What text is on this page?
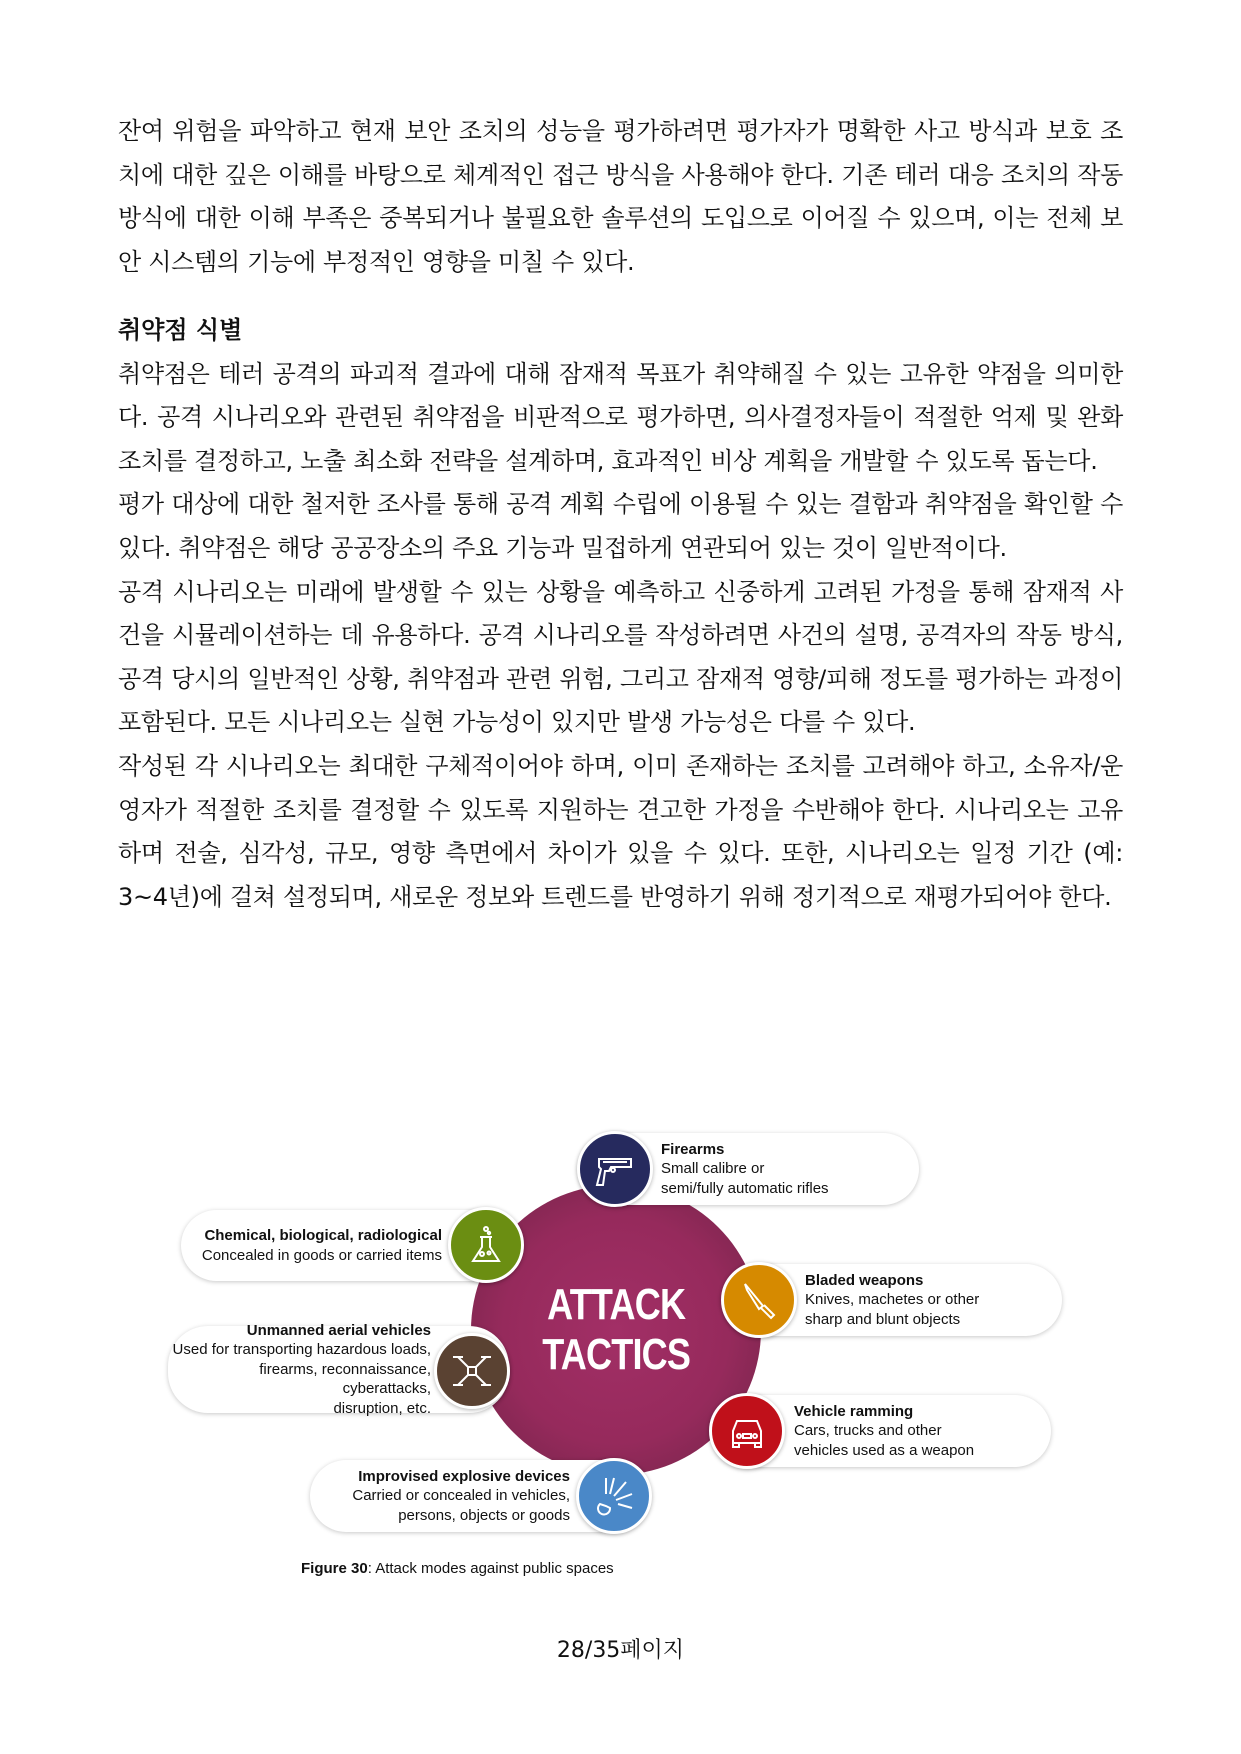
잔여 위험을 파악하고 현재 보안 조치의 성능을 평가하려면 평가자가 명확한 사고 방식과 보호 조치에 대한 깊은 이해를 바탕으로 체계적인 접근 방식을 사용해야 한다. 기존 테러 대응 조치의 작동 방식에 대한 이해 부족은 중복되거나 불필요한 솔루션의 도입으로 이어질 수 있으며, 이는 전체 보안 시스템의 기능에 부정적인 영향을 미칠 수 있다.

취약점 식별

취약점은 테러 공격의 파괴적 결과에 대해 잠재적 목표가 취약해질 수 있는 고유한 약점을 의미한다. 공격 시나리오와 관련된 취약점을 비판적으로 평가하면, 의사결정자들이 적절한 억제 및 완화 조치를 결정하고, 노출 최소화 전략을 설계하며, 효과적인 비상 계획을 개발할 수 있도록 돕는다.

평가 대상에 대한 철저한 조사를 통해 공격 계획 수립에 이용될 수 있는 결함과 취약점을 확인할 수 있다. 취약점은 해당 공공장소의 주요 기능과 밀접하게 연관되어 있는 것이 일반적이다.

공격 시나리오는 미래에 발생할 수 있는 상황을 예측하고 신중하게 고려된 가정을 통해 잠재적 사건을 시뮬레이션하는 데 유용하다. 공격 시나리오를 작성하려면 사건의 설명, 공격자의 작동 방식, 공격 당시의 일반적인 상황, 취약점과 관련 위험, 그리고 잠재적 영향/피해 정도를 평가하는 과정이 포함된다. 모든 시나리오는 실현 가능성이 있지만 발생 가능성은 다를 수 있다.

작성된 각 시나리오는 최대한 구체적이어야 하며, 이미 존재하는 조치를 고려해야 하고, 소유자/운영자가 적절한 조치를 결정할 수 있도록 지원하는 견고한 가정을 수반해야 한다. 시나리오는 고유하며 전술, 심각성, 규모, 영향 측면에서 차이가 있을 수 있다. 또한, 시나리오는 일정 기간 (예: 3~4년)에 걸쳐 설정되며, 새로운 정보와 트렌드를 반영하기 위해 정기적으로 재평가되어야 한다.

ATTACK
TACTICS
Firearms
Small calibre or
semi/fully automatic rifles
Chemical, biological, radiological
Concealed in goods or carried items
Bladed weapons
Knives, machetes or other
sharp and blunt objects
Unmanned aerial vehicles
Used for transporting hazardous loads,
firearms, reconnaissance, cyberattacks,
disruption, etc.	Vehicle ramming
Cars, trucks and other
vehicles used as a weapon
Improvised explosive devices
Carried or concealed in vehicles,
persons, objects or goods
Figure 30: Attack modes against public spaces
28/35페이지
